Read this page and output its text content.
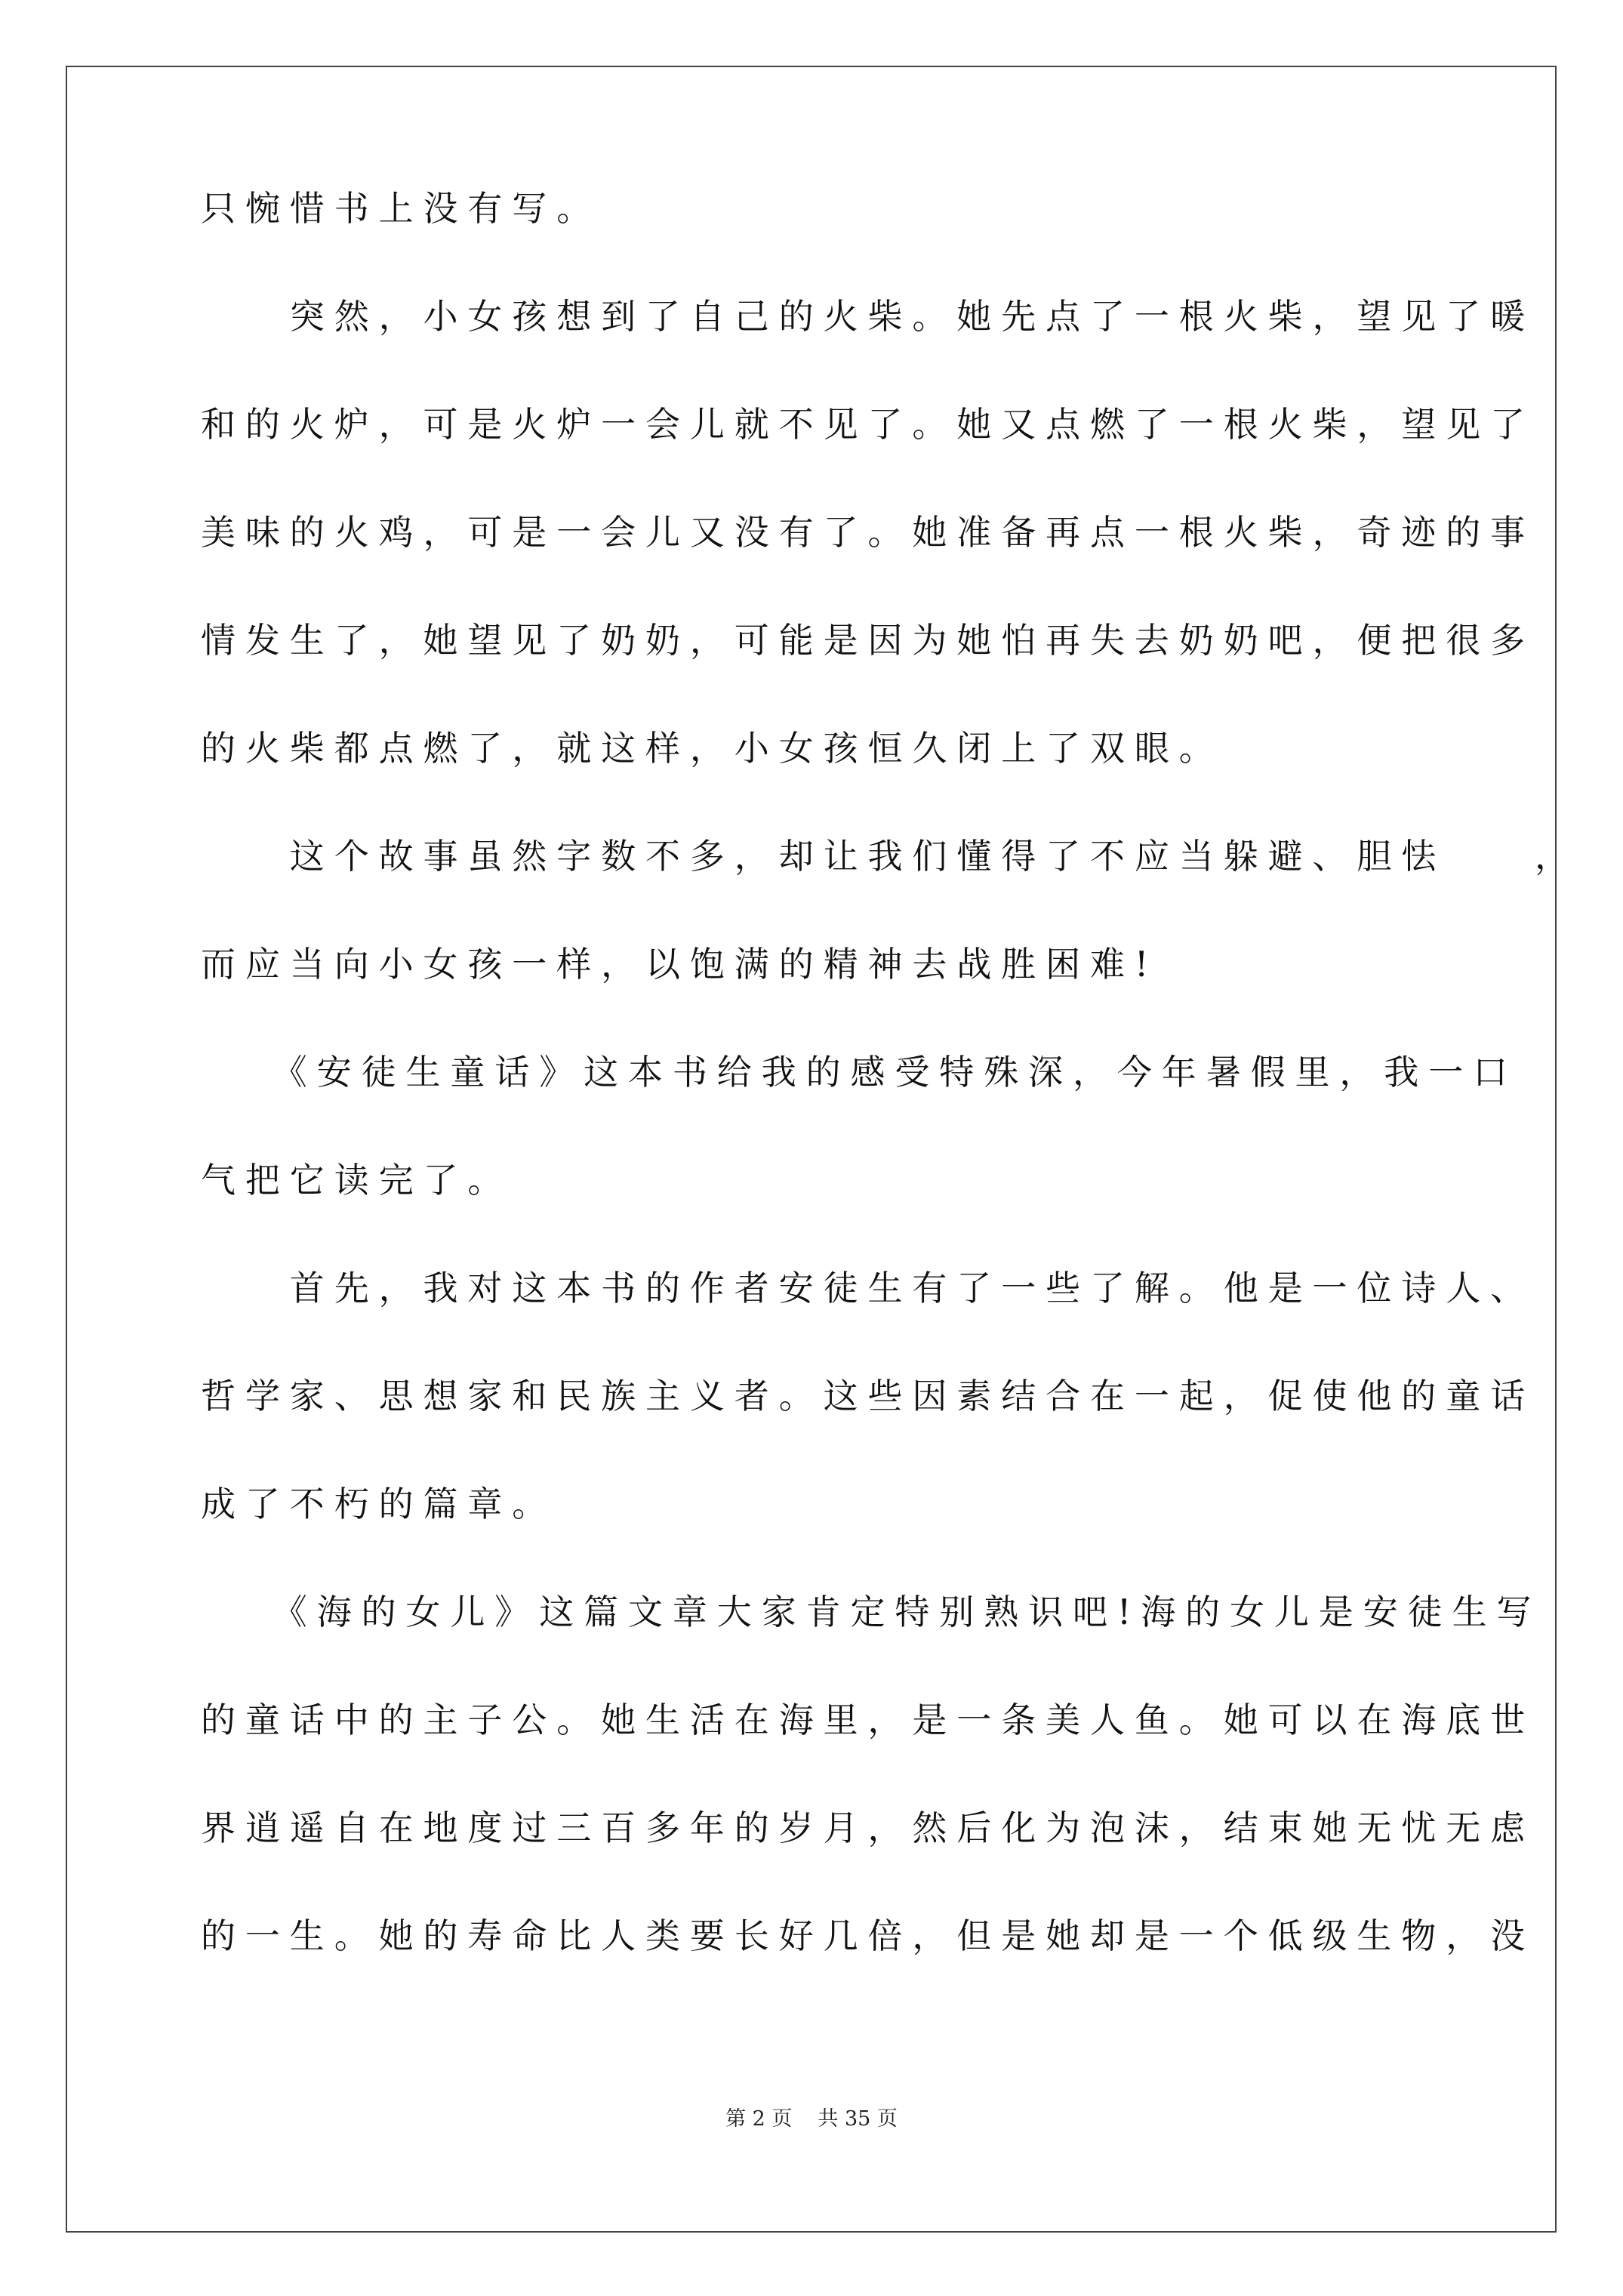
只惋惜书上没有写。
　　突然，小女孩想到了自己的火柴。她先点了一根火柴，望见了暖
和的火炉，可是火炉一会儿就不见了。她又点燃了一根火柴，望见了
美味的火鸡，可是一会儿又没有了。她准备再点一根火柴，奇迹的事
情发生了，她望见了奶奶，可能是因为她怕再失去奶奶吧，便把很多
的火柴都点燃了，就这样，小女孩恒久闭上了双眼。
　　这个故事虽然字数不多，却让我们懂得了不应当躲避、胆怯　　，
而应当向小女孩一样，以饱满的精神去战胜困难!
　　《安徒生童话》这本书给我的感受特殊深，今年暑假里，我一口
气把它读完了。
　　首先，我对这本书的作者安徒生有了一些了解。他是一位诗人、
哲学家、思想家和民族主义者。这些因素结合在一起，促使他的童话
成了不朽的篇章。
　　《海的女儿》这篇文章大家肯定特别熟识吧!海的女儿是安徒生写
的童话中的主子公。她生活在海里，是一条美人鱼。她可以在海底世
界逍遥自在地度过三百多年的岁月，然后化为泡沫，结束她无忧无虑
的一生。她的寿命比人类要长好几倍，但是她却是一个低级生物，没
第 2 页 共 35 页
